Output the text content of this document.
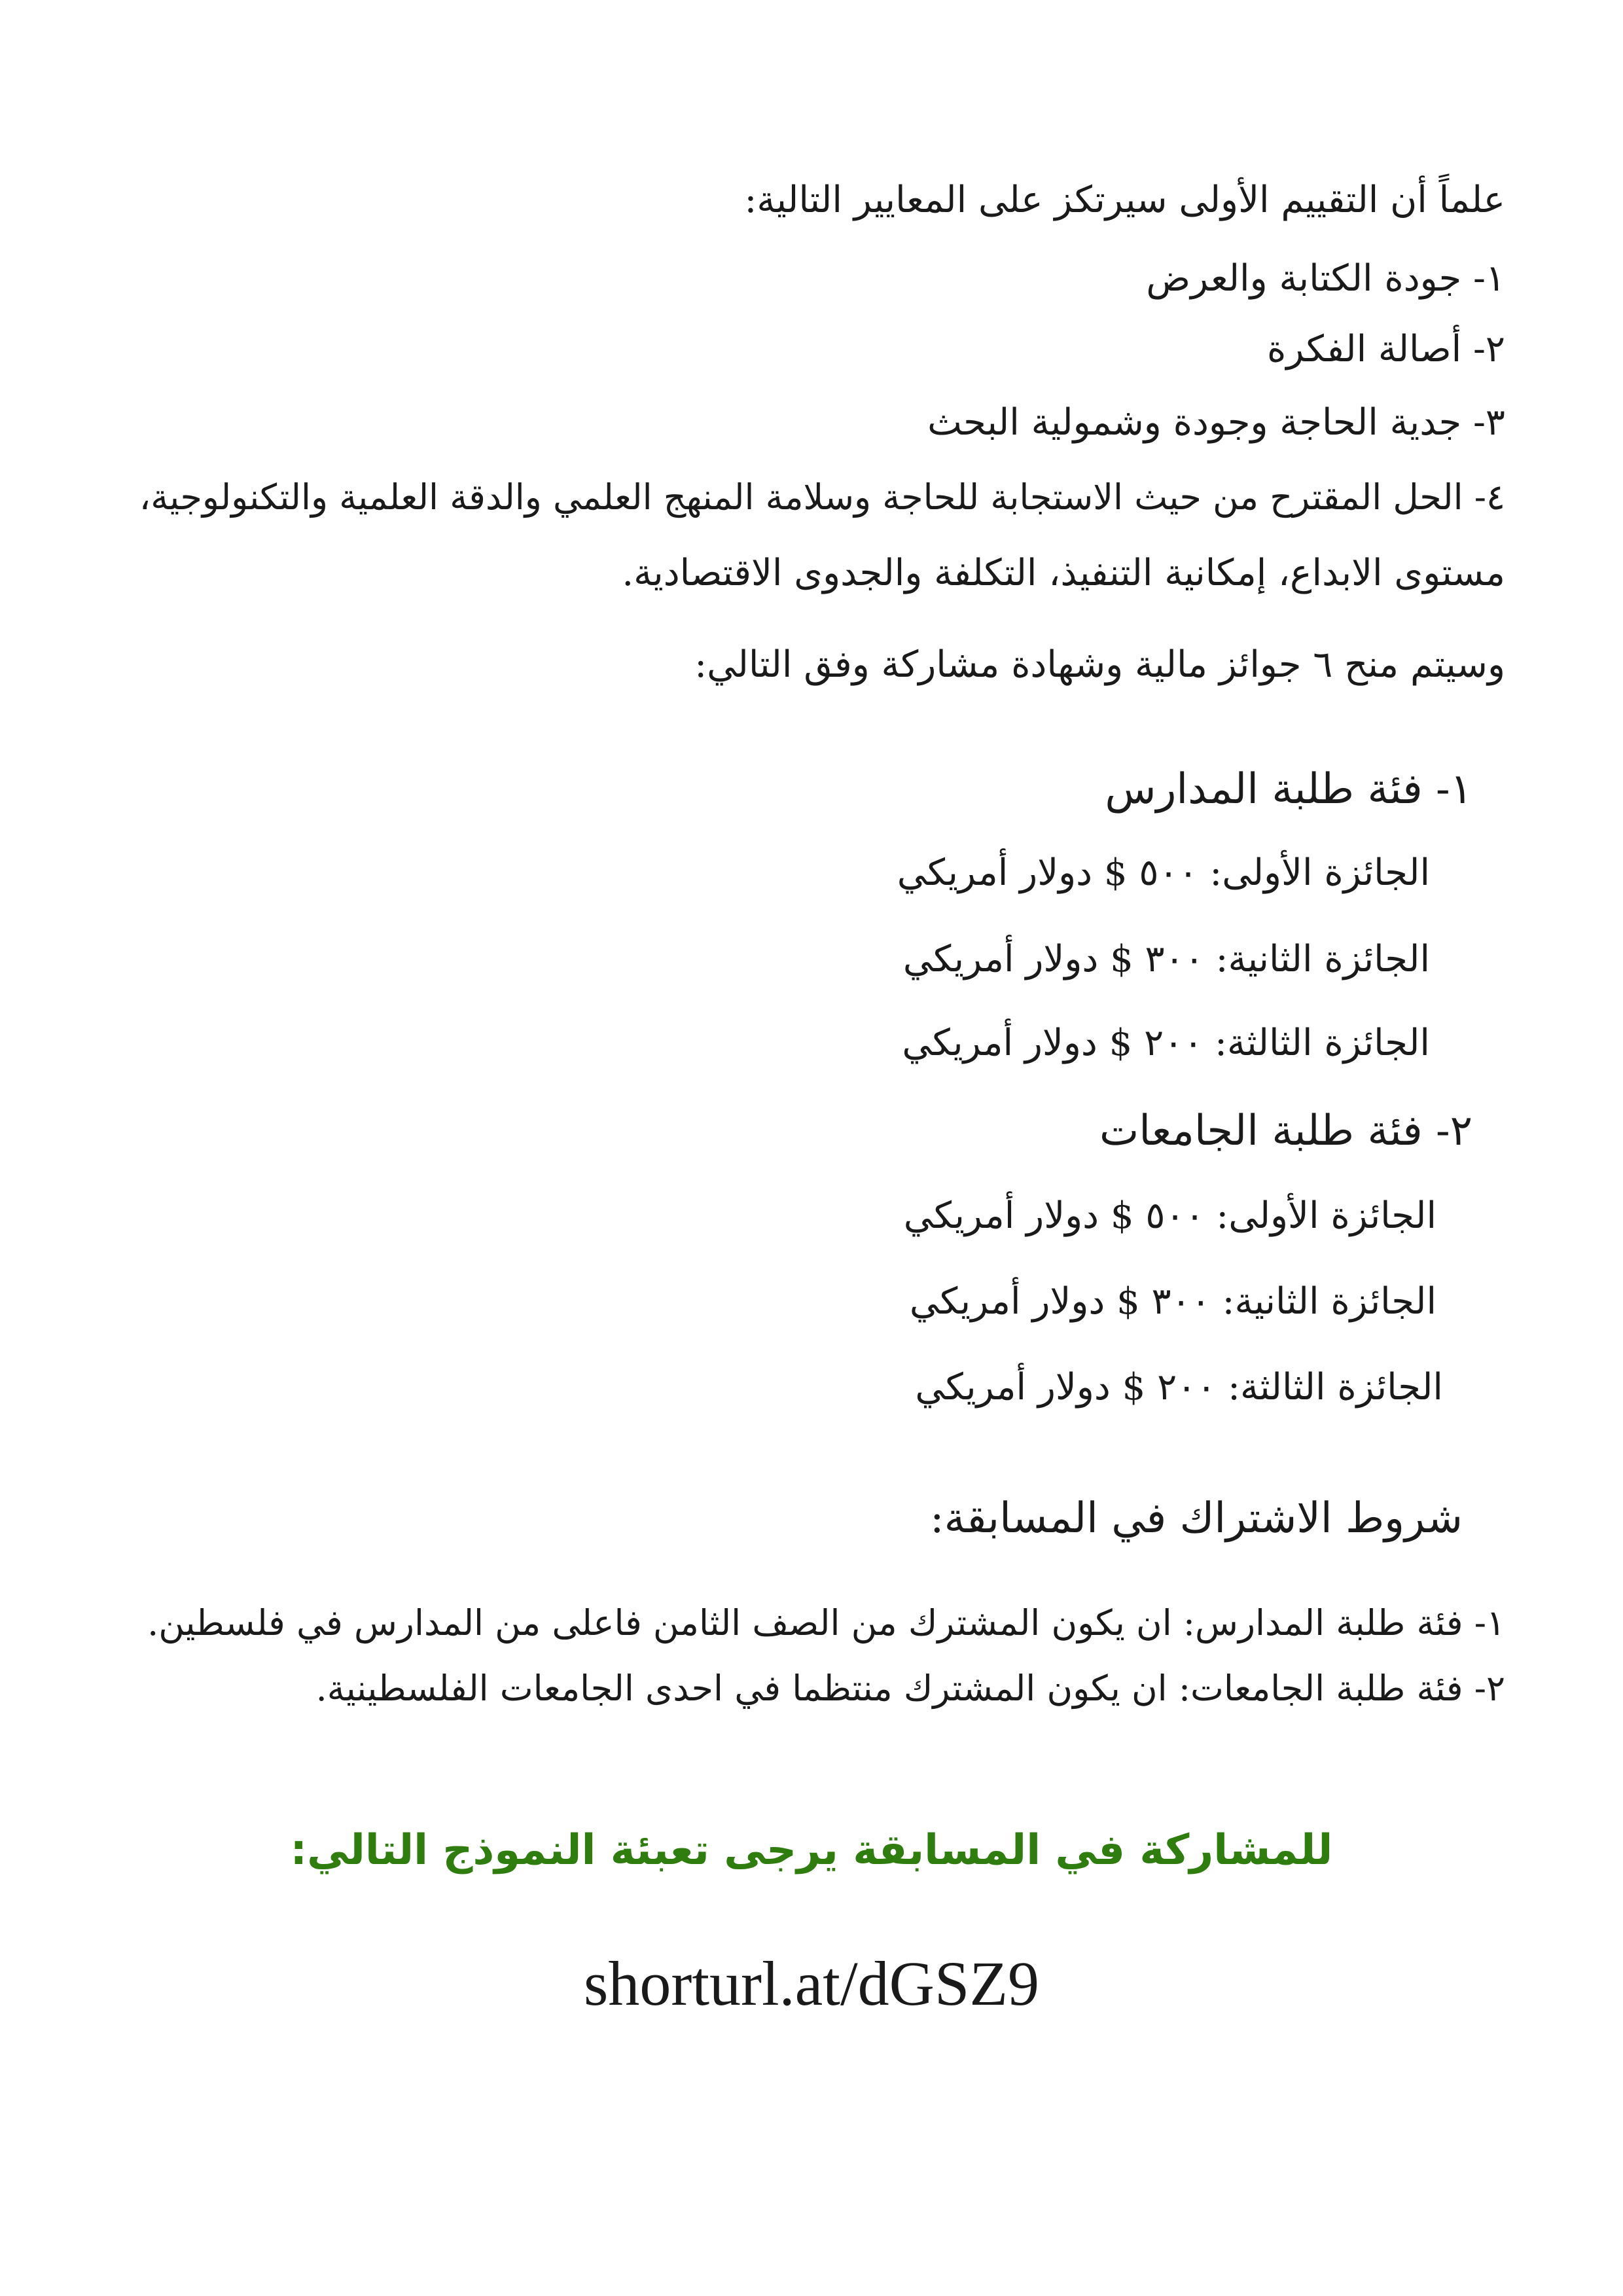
علماً أن التقييم الأولى سيرتكز على المعايير التالية:
١- جودة الكتابة والعرض
٢- أصالة الفكرة
٣- جدية الحاجة وجودة وشمولية البحث
٤- الحل المقترح من حيث الاستجابة للحاجة وسلامة المنهج العلمي والدقة العلمية والتكنولوجية،
مستوى الابداع، إمكانية التنفيذ، التكلفة والجدوى الاقتصادية.
وسيتم منح ٦ جوائز مالية وشهادة مشاركة وفق التالي:
١- فئة طلبة المدارس
الجائزة الأولى: ٥٠٠ $ دولار أمريكي
الجائزة الثانية: ٣٠٠ $ دولار أمريكي
الجائزة الثالثة: ٢٠٠ $ دولار أمريكي
٢- فئة طلبة الجامعات
الجائزة الأولى: ٥٠٠ $ دولار أمريكي
الجائزة الثانية: ٣٠٠ $ دولار أمريكي
الجائزة الثالثة: ٢٠٠ $ دولار أمريكي
شروط الاشتراك في المسابقة:
١- فئة طلبة المدارس: ان يكون المشترك من الصف الثامن فاعلى من المدارس في فلسطين.
٢- فئة طلبة الجامعات: ان يكون المشترك منتظما في احدى الجامعات الفلسطينية.
للمشاركة في المسابقة يرجى تعبئة النموذج التالي:
shorturl.at/dGSZ9
